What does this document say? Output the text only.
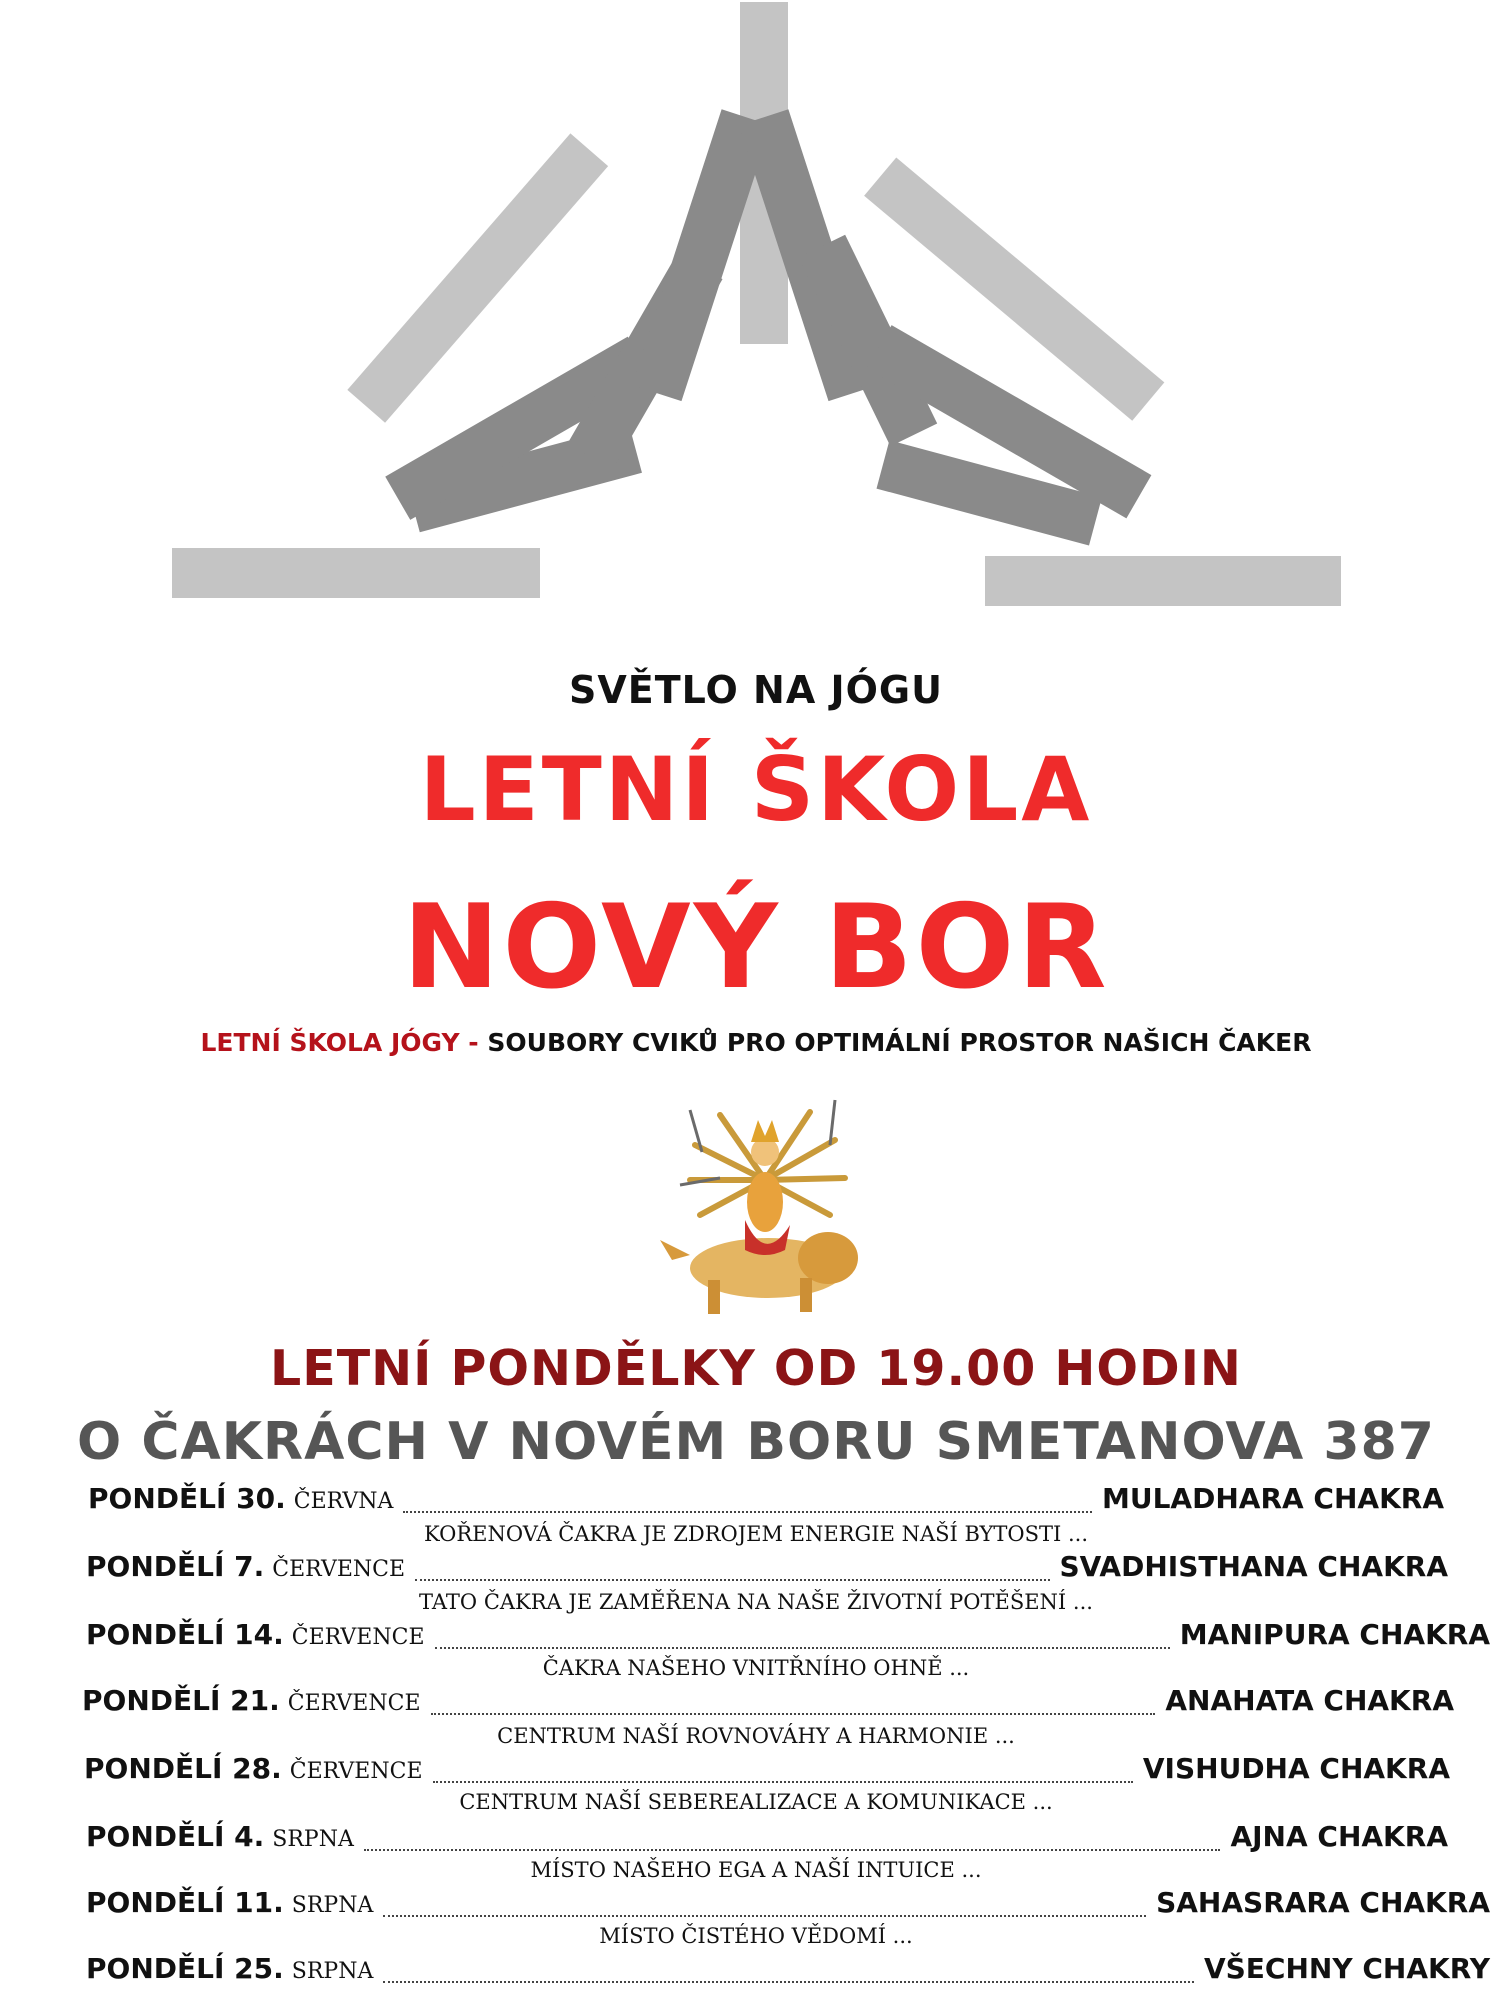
SVĚTLO NA JÓGU
LETNÍ ŠKOLA
NOVÝ BOR
LETNÍ ŠKOLA JÓGY - SOUBORY CVIKŮ PRO OPTIMÁLNÍ PROSTOR NAŠICH ČAKER
LETNÍ PONDĚLKY OD 19.00 HODIN
O ČAKRÁCH V NOVÉM BORU SMETANOVA 387
PONDĚLÍ 30. ČERVNA	MULADHARA CHAKRA
KOŘENOVÁ ČAKRA JE ZDROJEM ENERGIE NAŠÍ BYTOSTI ...
PONDĚLÍ 7. ČERVENCE	SVADHISTHANA CHAKRA
TATO ČAKRA JE ZAMĚŘENA NA NAŠE ŽIVOTNÍ POTĚŠENÍ ...
PONDĚLÍ 14. ČERVENCE	MANIPURA CHAKRA
ČAKRA NAŠEHO VNITŘNÍHO OHNĚ ...
PONDĚLÍ 21. ČERVENCE	ANAHATA CHAKRA
CENTRUM NAŠÍ ROVNOVÁHY A HARMONIE ...
PONDĚLÍ 28. ČERVENCE	VISHUDHA CHAKRA
CENTRUM NAŠÍ SEBEREALIZACE A KOMUNIKACE ...
PONDĚLÍ 4. SRPNA	AJNA CHAKRA
MÍSTO NAŠEHO EGA A NAŠÍ INTUICE ...
PONDĚLÍ 11. SRPNA	SAHASRARA CHAKRA
MÍSTO ČISTÉHO VĚDOMÍ ...
PONDĚLÍ 25. SRPNA	VŠECHNY CHAKRY
